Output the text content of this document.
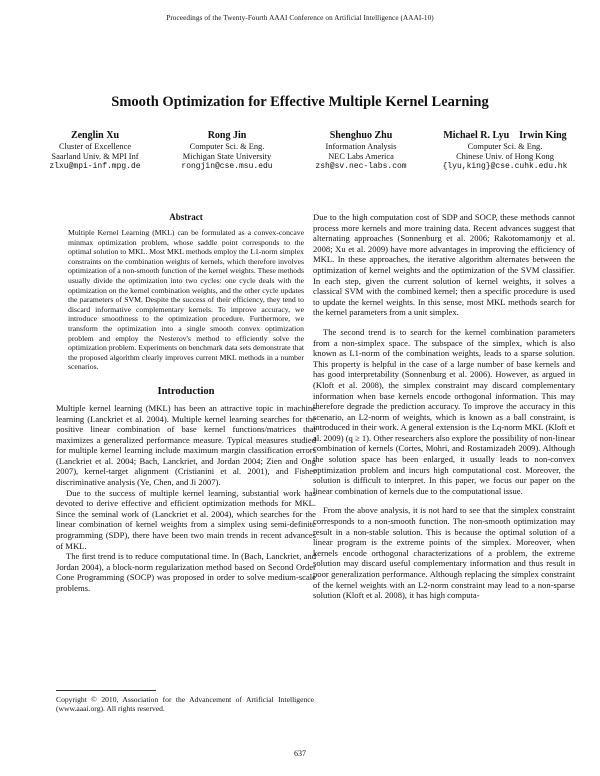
Proceedings of the Twenty-Fourth AAAI Conference on Artificial Intelligence (AAAI-10)
Smooth Optimization for Effective Multiple Kernel Learning
Zenglin Xu
Cluster of Excellence
Saarland Univ. & MPI Inf
zlxu@mpi-inf.mpg.de
Rong Jin
Computer Sci. & Eng.
Michigan State University
rongjin@cse.msu.edu
Shenghuo Zhu
Information Analysis
NEC Labs America
zsh@sv.nec-labs.com
Michael R. Lyu    Irwin King
Computer Sci. & Eng.
Chinese Univ. of Hong Kong
{lyu,king}@cse.cuhk.edu.hk
Abstract

Multiple Kernel Learning (MKL) can be formulated as a convex-concave minmax optimization problem, whose saddle point corresponds to the optimal solution to MKL. Most MKL methods employ the L1-norm simplex constraints on the combination weights of kernels, which therefore involves optimization of a non-smooth function of the kernel weights. These methods usually divide the optimization into two cycles: one cycle deals with the optimization on the kernel combination weights, and the other cycle updates the parameters of SVM. Despite the success of their efficiency, they tend to discard informative complementary kernels. To improve accuracy, we introduce smoothness to the optimization procedure. Furthermore, we transform the optimization into a single smooth convex optimization problem and employ the Nesterov's method to efficiently solve the optimization problem. Experiments on benchmark data sets demonstrate that the proposed algorithm clearly improves current MKL methods in a number scenarios.

Introduction

Multiple kernel learning (MKL) has been an attractive topic in machine learning (Lanckriet et al. 2004). Multiple kernel learning searches for the positive linear combination of base kernel functions/matrices that maximizes a generalized performance measure. Typical measures studied for multiple kernel learning include maximum margin classification errors (Lanckriet et al. 2004; Bach, Lanckriet, and Jordan 2004; Zien and Ong 2007), kernel-target alignment (Cristianini et al. 2001), and Fisher discriminative analysis (Ye, Chen, and Ji 2007).

Due to the success of multiple kernel learning, substantial work has devoted to derive effective and efficient optimization methods for MKL. Since the seminal work of (Lanckriet et al. 2004), which searches for the linear combination of kernel weights from a simplex using semi-definite programming (SDP), there have been two main trends in recent advances of MKL.

The first trend is to reduce computational time. In (Bach, Lanckriet, and Jordan 2004), a block-norm regularization method based on Second Order Cone Programming (SOCP) was proposed in order to solve medium-scale problems.

Due to the high computation cost of SDP and SOCP, these methods cannot process more kernels and more training data. Recent advances suggest that alternating approaches (Sonnenburg et al. 2006; Rakotomamonjy et al. 2008; Xu et al. 2009) have more advantages in improving the efficiency of MKL. In these approaches, the iterative algorithm alternates between the optimization of kernel weights and the optimization of the SVM classifier. In each step, given the current solution of kernel weights, it solves a classical SVM with the combined kernel; then a specific procedure is used to update the kernel weights. In this sense, most MKL methods search for the kernel parameters from a unit simplex.

The second trend is to search for the kernel combination parameters from a non-simplex space. The subspace of the simplex, which is also known as L1-norm of the combination weights, leads to a sparse solution. This property is helpful in the case of a large number of base kernels and has good interpretability (Sonnenburg et al. 2006). However, as argued in (Kloft et al. 2008), the simplex constraint may discard complementary information when base kernels encode orthogonal information. This may therefore degrade the prediction accuracy. To improve the accuracy in this scenario, an L2-norm of weights, which is known as a ball constraint, is introduced in their work. A general extension is the Lq-norm MKL (Kloft et al. 2009) (q ≥ 1). Other researchers also explore the possibility of non-linear combination of kernels (Cortes, Mohri, and Rostamizadeh 2009). Although the solution space has been enlarged, it usually leads to non-convex optimization problem and incurs high computational cost. Moreover, the solution is difficult to interpret. In this paper, we focus our paper on the linear combination of kernels due to the computational issue.

From the above analysis, it is not hard to see that the simplex constraint corresponds to a non-smooth function. The non-smooth optimization may result in a non-stable solution. This is because the optimal solution of a linear program is the extreme points of the simplex. Moreover, when kernels encode orthogonal characterizations of a problem, the extreme solution may discard useful complementary information and thus result in poor generalization performance. Although replacing the simplex constraint of the kernel weights with an L2-norm constraint may lead to a non-sparse solution (Kloft et al. 2008), it has high computa-

Copyright © 2010, Association for the Advancement of Artificial Intelligence (www.aaai.org). All rights reserved.
637
